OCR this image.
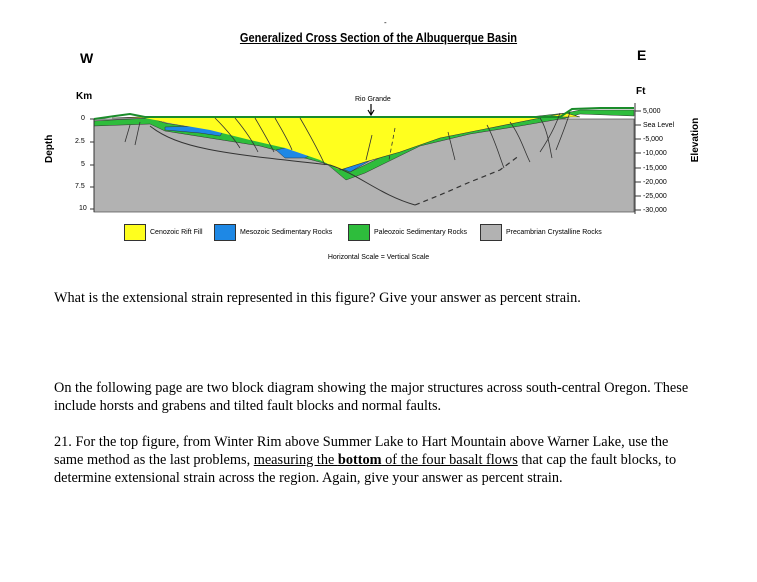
-
Generalized Cross Section of the Albuquerque Basin
W	E
Km	Ft
Depth	Elevation
0
2.5
5
7.5
10
5,000
Sea Level
-5,000
-10,000
-15,000
-20,000
-25,000
-30,000
Rio Grande
Cenozoic Rift Fill	Mesozoic Sedimentary Rocks	Paleozoic Sedimentary Rocks	Precambrian Crystalline Rocks
Horizontal Scale = Vertical Scale
What is the extensional strain represented in this figure? Give your answer as percent strain.
On the following page are two block diagram showing the major structures across south-central Oregon. These include horsts and grabens and tilted fault blocks and normal faults.
21. For the top figure, from Winter Rim above Summer Lake to Hart Mountain above Warner Lake, use the same method as the last problems, measuring the bottom of the four basalt flows that cap the fault blocks, to determine extensional strain across the region. Again, give your answer as percent strain.
